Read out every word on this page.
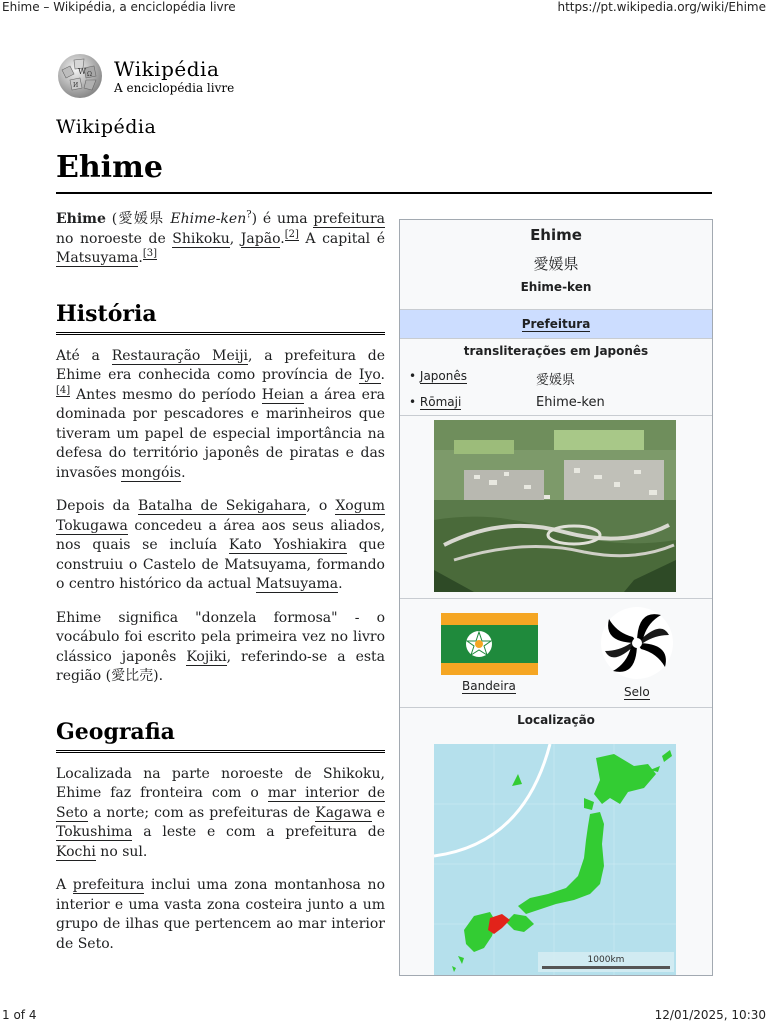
Ehime – Wikipédia, a enciclopédia livre	https://pt.wikipedia.org/wiki/Ehime
W Ω
И
Wikipédia
A enciclopédia livre
Wikipédia
Ehime

Ehime (愛媛県 Ehime-ken?) é uma prefeitura no noroeste de Shikoku, Japão.[2] A capital é Matsuyama.[3]

História

Até a Restauração Meiji, a prefeitura de Ehime era conhecida como província de Iyo.[4] Antes mesmo do período Heian a área era dominada por pescadores e marinheiros que tiveram um papel de especial importância na defesa do território japonês de piratas e das invasões mongóis.

Depois da Batalha de Sekigahara, o Xogum Tokugawa concedeu a área aos seus aliados, nos quais se incluía Kato Yoshiakira que construiu o Castelo de Matsuyama, formando o centro histórico da actual Matsuyama.

Ehime significa "donzela formosa" - o vocábulo foi escrito pela primeira vez no livro clássico japonês Kojiki, referindo-se a esta região (愛比売).

Geografia

Localizada na parte noroeste de Shikoku, Ehime faz fronteira com o mar interior de Seto a norte; com as prefeituras de Kagawa e Tokushima a leste e com a prefeitura de Kochi no sul.

A prefeitura inclui uma zona montanhosa no interior e uma vasta zona costeira junto a um grupo de ilhas que pertencem ao mar interior de Seto.

Ehime
愛媛県
Ehime-ken
Prefeitura
transliterações em Japonês
• Japonês	愛媛県
• Rōmaji	Ehime-ken
Bandeira	Selo
Localização
1000km
1 of 4	12/01/2025, 10:30
